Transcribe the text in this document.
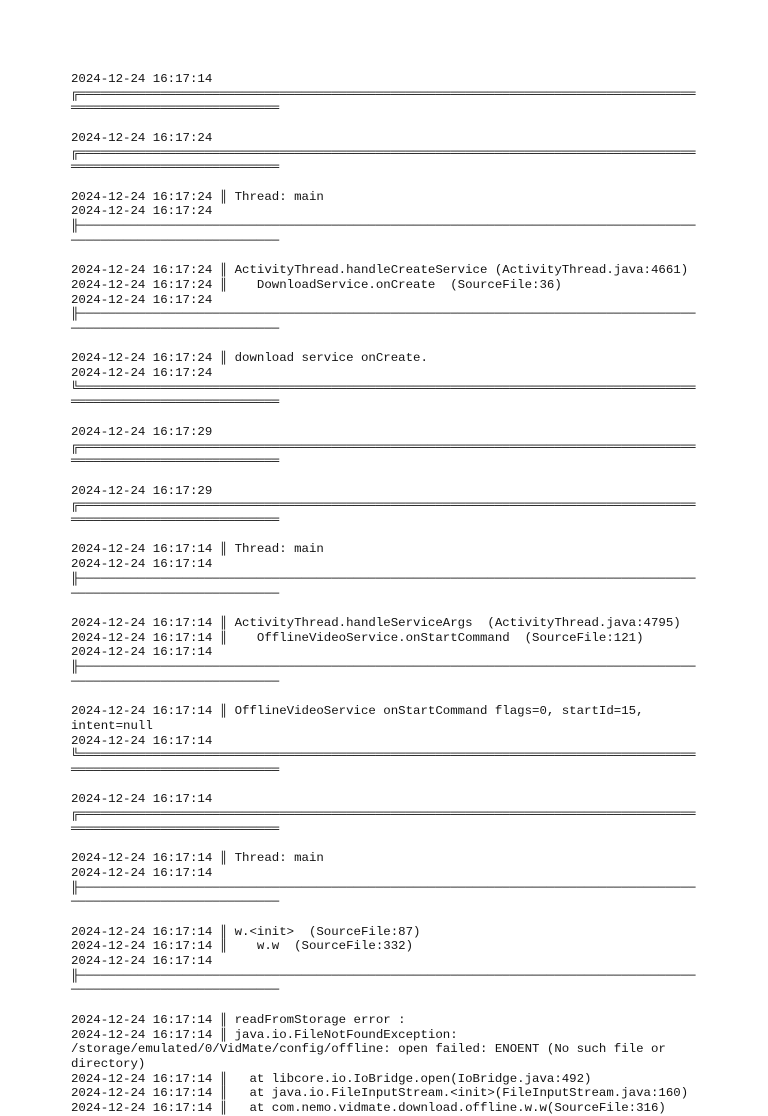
2024-12-24 16:17:14 ╔═══════════════════════════════════════════════════════════════════════════════════════════════════════════════
2024-12-24 16:17:24 ╔═══════════════════════════════════════════════════════════════════════════════════════════════════════════════
2024-12-24 16:17:24 ║ Thread: main
2024-12-24 16:17:24 ╟───────────────────────────────────────────────────────────────────────────────────────────────────────────────
2024-12-24 16:17:24 ║ ActivityThread.handleCreateService (ActivityThread.java:4661)
2024-12-24 16:17:24 ║    DownloadService.onCreate  (SourceFile:36)
2024-12-24 16:17:24 ╟───────────────────────────────────────────────────────────────────────────────────────────────────────────────
2024-12-24 16:17:24 ║ download service onCreate.
2024-12-24 16:17:24 ╚═══════════════════════════════════════════════════════════════════════════════════════════════════════════════
2024-12-24 16:17:29 ╔═══════════════════════════════════════════════════════════════════════════════════════════════════════════════
2024-12-24 16:17:29 ╔═══════════════════════════════════════════════════════════════════════════════════════════════════════════════
2024-12-24 16:17:14 ║ Thread: main
2024-12-24 16:17:14 ╟───────────────────────────────────────────────────────────────────────────────────────────────────────────────
2024-12-24 16:17:14 ║ ActivityThread.handleServiceArgs  (ActivityThread.java:4795)
2024-12-24 16:17:14 ║    OfflineVideoService.onStartCommand  (SourceFile:121)
2024-12-24 16:17:14 ╟───────────────────────────────────────────────────────────────────────────────────────────────────────────────
2024-12-24 16:17:14 ║ OfflineVideoService onStartCommand flags=0, startId=15, intent=null
2024-12-24 16:17:14 ╚═══════════════════════════════════════════════════════════════════════════════════════════════════════════════
2024-12-24 16:17:14 ╔═══════════════════════════════════════════════════════════════════════════════════════════════════════════════
2024-12-24 16:17:14 ║ Thread: main
2024-12-24 16:17:14 ╟───────────────────────────────────────────────────────────────────────────────────────────────────────────────
2024-12-24 16:17:14 ║ w.<init>  (SourceFile:87)
2024-12-24 16:17:14 ║    w.w  (SourceFile:332)
2024-12-24 16:17:14 ╟───────────────────────────────────────────────────────────────────────────────────────────────────────────────
2024-12-24 16:17:14 ║ readFromStorage error :
2024-12-24 16:17:14 ║ java.io.FileNotFoundException: /storage/emulated/0/VidMate/config/offline: open failed: ENOENT (No such file or directory)
2024-12-24 16:17:14 ║   at libcore.io.IoBridge.open(IoBridge.java:492)
2024-12-24 16:17:14 ║   at java.io.FileInputStream.<init>(FileInputStream.java:160)
2024-12-24 16:17:14 ║   at com.nemo.vidmate.download.offline.w.w(SourceFile:316)
